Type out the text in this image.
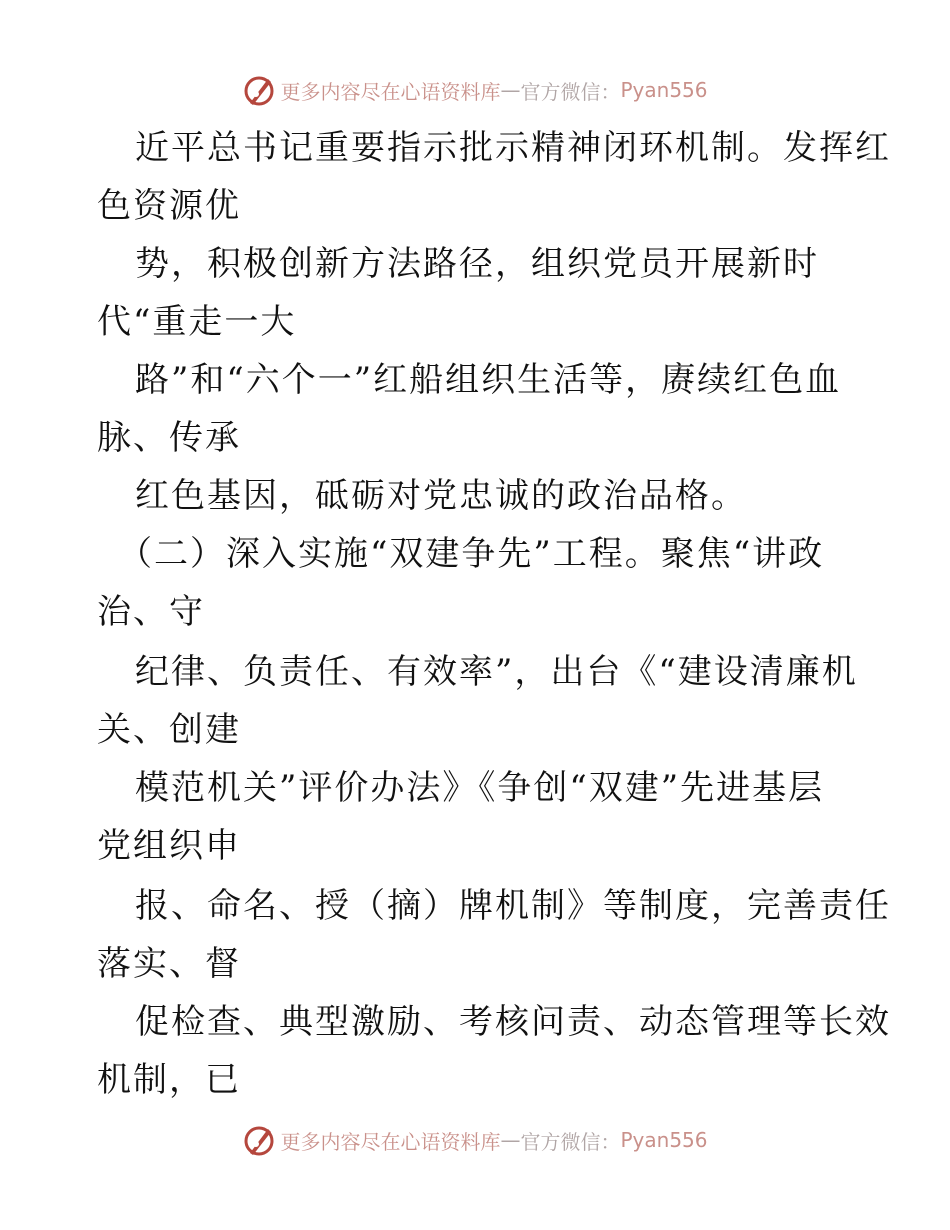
更多内容尽在心语资料库 — 官方微信： Pyan556
近平总书记重要指示批示精神闭环机制。发挥红
色资源优
势，积极创新方法路径，组织党员开展新时
代“重走一大
路”和“六个一”红船组织生活等，赓续红色血
脉、传承
红色基因，砥砺对党忠诚的政治品格。
（二）深入实施“双建争先”工程。聚焦“讲政
治、守
纪律、负责任、有效率”，出台《“建设清廉机
关、创建
模范机关”评价办法》《争创“双建”先进基层
党组织申
报、命名、授（摘）牌机制》等制度，完善责任
落实、督
促检查、典型激励、考核问责、动态管理等长效
机制，已
更多内容尽在心语资料库 — 官方微信： Pyan556
